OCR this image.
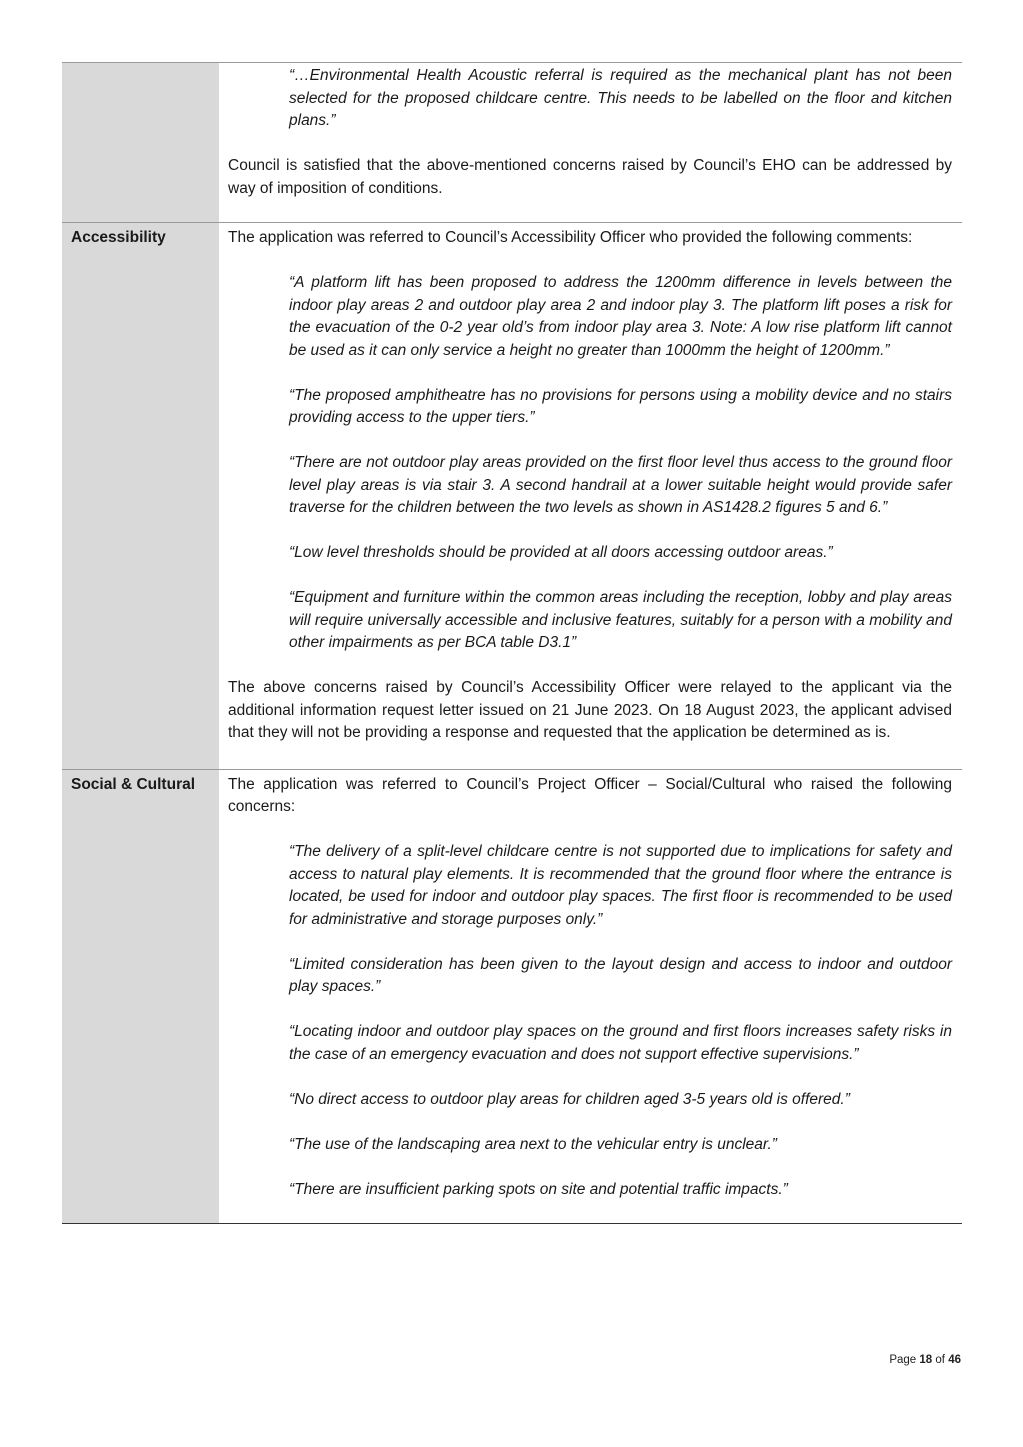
“…Environmental Health Acoustic referral is required as the mechanical plant has not been selected for the proposed childcare centre. This needs to be labelled on the floor and kitchen plans.”

Council is satisfied that the above-mentioned concerns raised by Council’s EHO can be addressed by way of imposition of conditions.

Accessibility	The application was referred to Council’s Accessibility Officer who provided the following comments:

“A platform lift has been proposed to address the 1200mm difference in levels between the indoor play areas 2 and outdoor play area 2 and indoor play 3. The platform lift poses a risk for the evacuation of the 0-2 year old’s from indoor play area 3. Note: A low rise platform lift cannot be used as it can only service a height no greater than 1000mm the height of 1200mm.”

“The proposed amphitheatre has no provisions for persons using a mobility device and no stairs providing access to the upper tiers.”

“There are not outdoor play areas provided on the first floor level thus access to the ground floor level play areas is via stair 3. A second handrail at a lower suitable height would provide safer traverse for the children between the two levels as shown in AS1428.2 figures 5 and 6.”

“Low level thresholds should be provided at all doors accessing outdoor areas.”

“Equipment and furniture within the common areas including the reception, lobby and play areas will require universally accessible and inclusive features, suitably for a person with a mobility and other impairments as per BCA table D3.1”

The above concerns raised by Council’s Accessibility Officer were relayed to the applicant via the additional information request letter issued on 21 June 2023. On 18 August 2023, the applicant advised that they will not be providing a response and requested that the application be determined as is.

Social & Cultural	The application was referred to Council’s Project Officer – Social/Cultural who raised the following concerns:

“The delivery of a split-level childcare centre is not supported due to implications for safety and access to natural play elements. It is recommended that the ground floor where the entrance is located, be used for indoor and outdoor play spaces. The first floor is recommended to be used for administrative and storage purposes only.”

“Limited consideration has been given to the layout design and access to indoor and outdoor play spaces.”

“Locating indoor and outdoor play spaces on the ground and first floors increases safety risks in the case of an emergency evacuation and does not support effective supervisions.”

“No direct access to outdoor play areas for children aged 3-5 years old is offered.”

“The use of the landscaping area next to the vehicular entry is unclear.”

“There are insufficient parking spots on site and potential traffic impacts.”

Page 18 of 46
